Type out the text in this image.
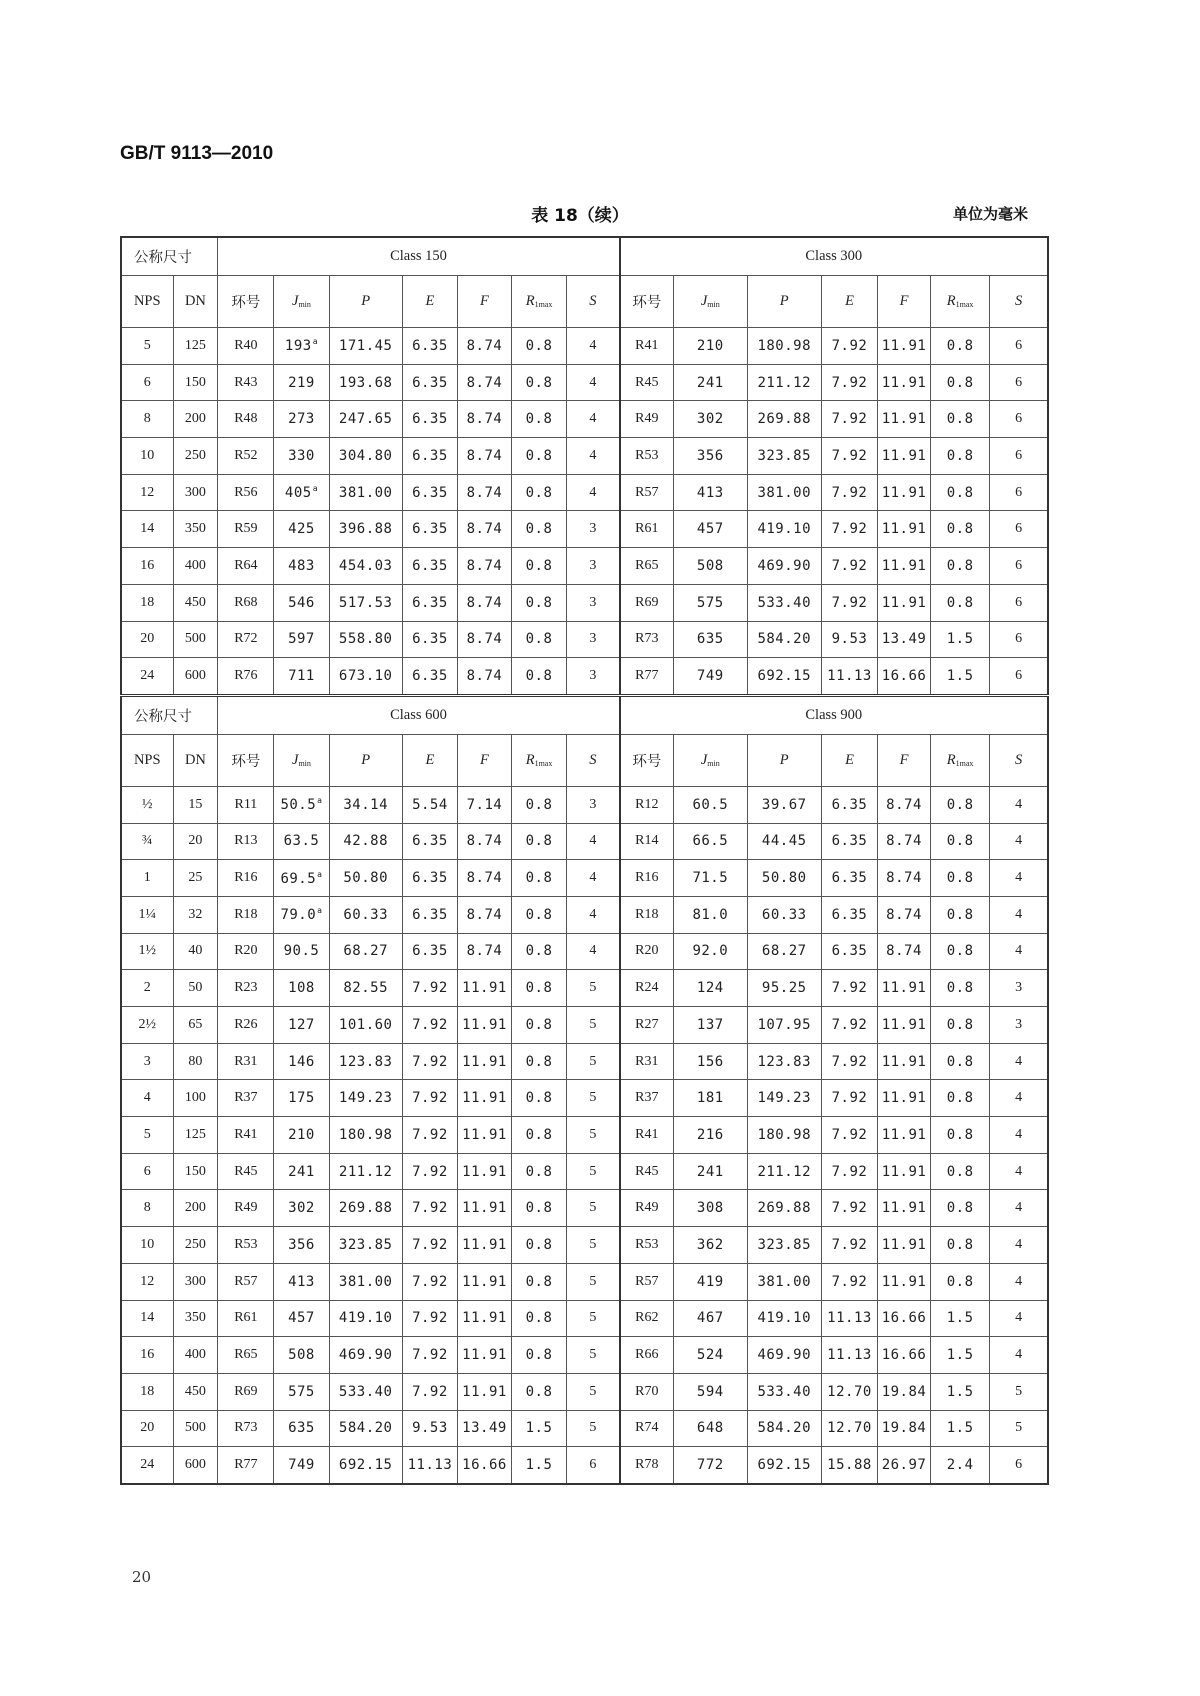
GB/T 9113—2010
表 18（续）	单位为毫米
公称尺寸		Class 150							Class 300						
NPS	DN	环号	$J_{min}$	P	E	F	$R_{1max}$	S	环号	$J_{min}$	P	E	F	$R_{1max}$	S
5	125	R40	193$^a$	171.45	6.35	8.74	0.8	4	R41	210	180.98	7.92	11.91	0.8	6
6	150	R43	219	193.68	6.35	8.74	0.8	4	R45	241	211.12	7.92	11.91	0.8	6
8	200	R48	273	247.65	6.35	8.74	0.8	4	R49	302	269.88	7.92	11.91	0.8	6
10	250	R52	330	304.80	6.35	8.74	0.8	4	R53	356	323.85	7.92	11.91	0.8	6
12	300	R56	405$^a$	381.00	6.35	8.74	0.8	4	R57	413	381.00	7.92	11.91	0.8	6
14	350	R59	425	396.88	6.35	8.74	0.8	3	R61	457	419.10	7.92	11.91	0.8	6
16	400	R64	483	454.03	6.35	8.74	0.8	3	R65	508	469.90	7.92	11.91	0.8	6
18	450	R68	546	517.53	6.35	8.74	0.8	3	R69	575	533.40	7.92	11.91	0.8	6
20	500	R72	597	558.80	6.35	8.74	0.8	3	R73	635	584.20	9.53	13.49	1.5	6
24	600	R76	711	673.10	6.35	8.74	0.8	3	R77	749	692.15	11.13	16.66	1.5	6
公称尺寸		Class 600							Class 900						
NPS	DN	环号	$J_{min}$	P	E	F	$R_{1max}$	S	环号	$J_{min}$	P	E	F	$R_{1max}$	S
½	15	R11	50.5$^a$	34.14	5.54	7.14	0.8	3	R12	60.5	39.67	6.35	8.74	0.8	4
¾	20	R13	63.5	42.88	6.35	8.74	0.8	4	R14	66.5	44.45	6.35	8.74	0.8	4
1	25	R16	69.5$^a$	50.80	6.35	8.74	0.8	4	R16	71.5	50.80	6.35	8.74	0.8	4
1¼	32	R18	79.0$^a$	60.33	6.35	8.74	0.8	4	R18	81.0	60.33	6.35	8.74	0.8	4
1½	40	R20	90.5	68.27	6.35	8.74	0.8	4	R20	92.0	68.27	6.35	8.74	0.8	4
2	50	R23	108	82.55	7.92	11.91	0.8	5	R24	124	95.25	7.92	11.91	0.8	3
2½	65	R26	127	101.60	7.92	11.91	0.8	5	R27	137	107.95	7.92	11.91	0.8	3
3	80	R31	146	123.83	7.92	11.91	0.8	5	R31	156	123.83	7.92	11.91	0.8	4
4	100	R37	175	149.23	7.92	11.91	0.8	5	R37	181	149.23	7.92	11.91	0.8	4
5	125	R41	210	180.98	7.92	11.91	0.8	5	R41	216	180.98	7.92	11.91	0.8	4
6	150	R45	241	211.12	7.92	11.91	0.8	5	R45	241	211.12	7.92	11.91	0.8	4
8	200	R49	302	269.88	7.92	11.91	0.8	5	R49	308	269.88	7.92	11.91	0.8	4
10	250	R53	356	323.85	7.92	11.91	0.8	5	R53	362	323.85	7.92	11.91	0.8	4
12	300	R57	413	381.00	7.92	11.91	0.8	5	R57	419	381.00	7.92	11.91	0.8	4
14	350	R61	457	419.10	7.92	11.91	0.8	5	R62	467	419.10	11.13	16.66	1.5	4
16	400	R65	508	469.90	7.92	11.91	0.8	5	R66	524	469.90	11.13	16.66	1.5	4
18	450	R69	575	533.40	7.92	11.91	0.8	5	R70	594	533.40	12.70	19.84	1.5	5
20	500	R73	635	584.20	9.53	13.49	1.5	5	R74	648	584.20	12.70	19.84	1.5	5
24	600	R77	749	692.15	11.13	16.66	1.5	6	R78	772	692.15	15.88	26.97	2.4	6
20
